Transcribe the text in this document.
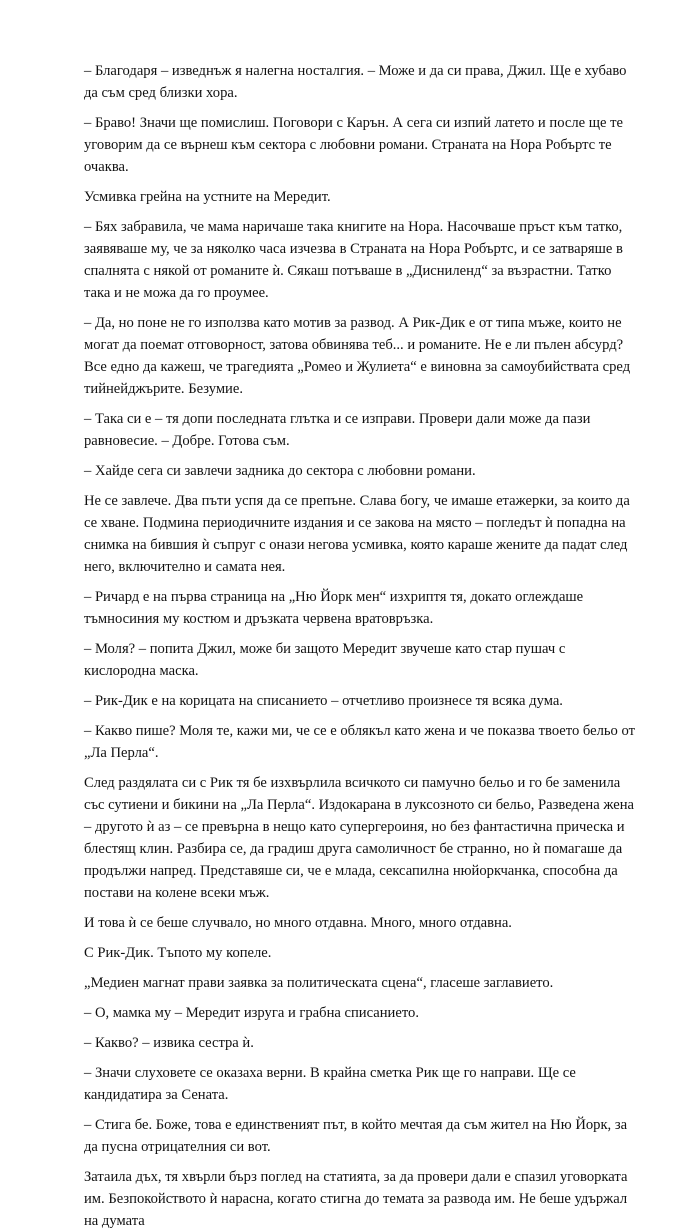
– Благодаря – изведнъж я налегна носталгия. – Може и да си права, Джил. Ще е хубаво да съм сред близки хора.

– Браво! Значи ще помислиш. Поговори с Карън. А сега си изпий латето и после ще те уговорим да се върнеш към сектора с любовни романи. Страната на Нора Робъртс те очаква.

Усмивка грейна на устните на Мередит.

– Бях забравила, че мама наричаше така книгите на Нора. Насочваше пръст към татко, заявяваше му, че за няколко часа изчезва в Страната на Нора Робъртс, и се затваряше в спалнята с някой от романите ѝ. Сякаш потъваше в „Дисниленд“ за възрастни. Татко така и не можа да го проумее.

– Да, но поне не го използва като мотив за развод. А Рик-Дик е от типа мъже, които не могат да поемат отговорност, затова обвинява теб... и романите. Не е ли пълен абсурд? Все едно да кажеш, че трагедията „Ромео и Жулиета“ е виновна за самоубийствата сред тийнейджърите. Безумие.

– Така си е – тя допи последната глътка и се изправи. Провери дали може да пази равновесие. – Добре. Готова съм.

– Хайде сега си завлечи задника до сектора с любовни романи.

Не се завлече. Два пъти успя да се препъне. Слава богу, че имаше етажерки, за които да се хване. Подмина периодичните издания и се закова на място – погледът ѝ попадна на снимка на бившия ѝ съпруг с онази негова усмивка, която караше жените да падат след него, включително и самата нея.

– Ричард е на първа страница на „Ню Йорк мен“ изхриптя тя, докато оглеждаше тъмносиния му костюм и дръзката червена вратовръзка.

– Моля? – попита Джил, може би защото Мередит звучеше като стар пушач с кислородна маска.

– Рик-Дик е на корицата на списанието – отчетливо произнесе тя всяка дума.

– Какво пише? Моля те, кажи ми, че се е облякъл като жена и че показва твоето бельо от „Ла Перла“.

След раздялата си с Рик тя бе изхвърлила всичкото си памучно бельо и го бе заменила със сутиени и бикини на „Ла Перла“. Издокарана в луксозното си бельо, Разведена жена – другото ѝ аз – се превърна в нещо като супергероиня, но без фантастична прическа и блестящ клин. Разбира се, да градиш друга самоличност бе странно, но ѝ помагаше да продължи напред. Представяше си, че е млада, сексапилна нюйоркчанка, способна да постави на колене всеки мъж.

И това ѝ се беше случвало, но много отдавна. Много, много отдавна.

С Рик-Дик. Тъпото му копеле.

„Медиен магнат прави заявка за политическата сцена“, гласеше заглавието.

– О, мамка му – Мередит изруга и грабна списанието.

– Какво? – извика сестра ѝ.

– Значи слуховете се оказаха верни. В крайна сметка Рик ще го направи. Ще се кандидатира за Сената.

– Стига бе. Боже, това е единственият път, в който мечтая да съм жител на Ню Йорк, за да пусна отрицателния си вот.

Затаила дъх, тя хвърли бърз поглед на статията, за да провери дали е спазил уговорката им. Безпокойството ѝ нарасна, когато стигна до темата за развода им. Не беше удържал на думата
